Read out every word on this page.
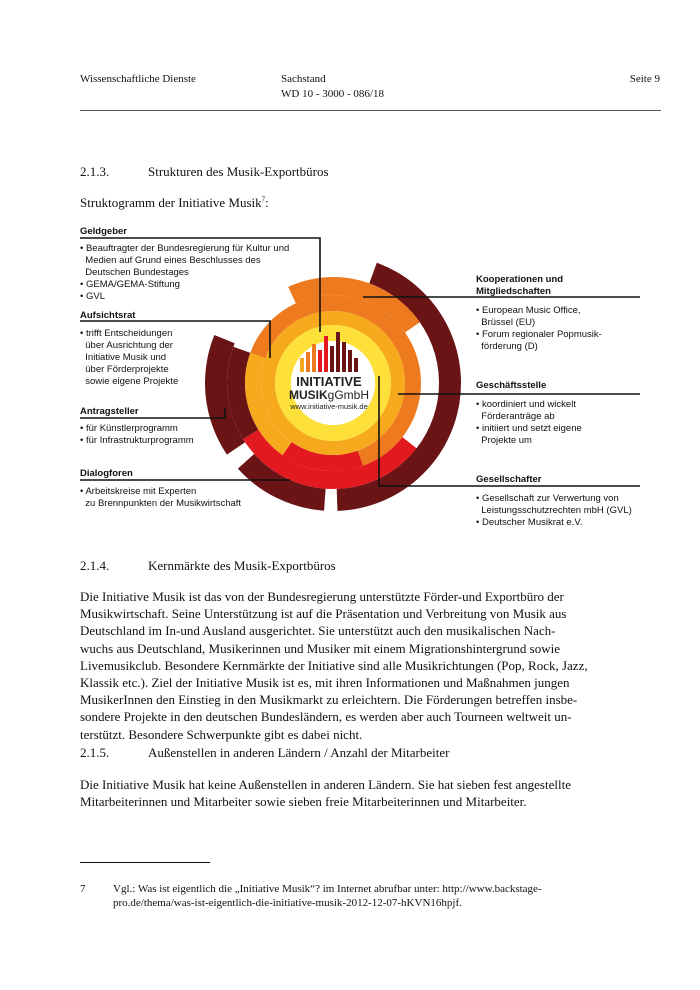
Wissenschaftliche Dienste	Sachstand
WD 10 - 3000 - 086/18
Seite 9
2.1.3.	Strukturen des Musik-Exportbüros
Struktogramm der Initiative Musik$^7$:
INITIATIVE
MUSIKgGmbH
www.initiative-musik.de
Geldgeber
• Beauftragter der Bundesregierung für Kultur und
Medien auf Grund eines Beschlusses des
Deutschen Bundestages
• GEMA/GEMA-Stiftung
• GVL
Aufsichtsrat
• trifft Entscheidungen
über Ausrichtung der
Initiative Musik und
über Förderprojekte
sowie eigene Projekte
Antragsteller
• für Künstlerprogramm
• für Infrastrukturprogramm
Dialogforen
• Arbeitskreise mit Experten
zu Brennpunkten der Musikwirtschaft
Kooperationen und
Mitgliedschaften
• European Music Office,
Brüssel (EU)
• Forum regionaler Popmusik-
förderung (D)
Geschäftsstelle
• koordiniert und wickelt
Förderanträge ab
• initiiert und setzt eigene
Projekte um
Gesellschafter
• Gesellschaft zur Verwertung von
Leistungsschutzrechten mbH (GVL)
• Deutscher Musikrat e.V.
2.1.4.	Kernmärkte des Musik-Exportbüros
Die Initiative Musik ist das von der Bundesregierung unterstützte Förder-und Exportbüro der
Musikwirtschaft. Seine Unterstützung ist auf die Präsentation und Verbreitung von Musik aus
Deutschland im In-und Ausland ausgerichtet. Sie unterstützt auch den musikalischen Nach-
wuchs aus Deutschland, Musikerinnen und Musiker mit einem Migrationshintergrund sowie
Livemusikclub. Besondere Kernmärkte der Initiative sind alle Musikrichtungen (Pop, Rock, Jazz,
Klassik etc.). Ziel der Initiative Musik ist es, mit ihren Informationen und Maßnahmen jungen
MusikerInnen den Einstieg in den Musikmarkt zu erleichtern. Die Förderungen betreffen insbe-
sondere Projekte in den deutschen Bundesländern, es werden aber auch Tourneen weltweit un-
terstützt. Besondere Schwerpunkte gibt es dabei nicht.
2.1.5.	Außenstellen in anderen Ländern / Anzahl der Mitarbeiter
Die Initiative Musik hat keine Außenstellen in anderen Ländern. Sie hat sieben fest angestellte
Mitarbeiterinnen und Mitarbeiter sowie sieben freie Mitarbeiterinnen und Mitarbeiter.
7	Vgl.: Was ist eigentlich die „Initiative Musik“? im Internet abrufbar unter: http://www.backstage-
pro.de/thema/was-ist-eigentlich-die-initiative-musik-2012-12-07-hKVN16hpjf.
